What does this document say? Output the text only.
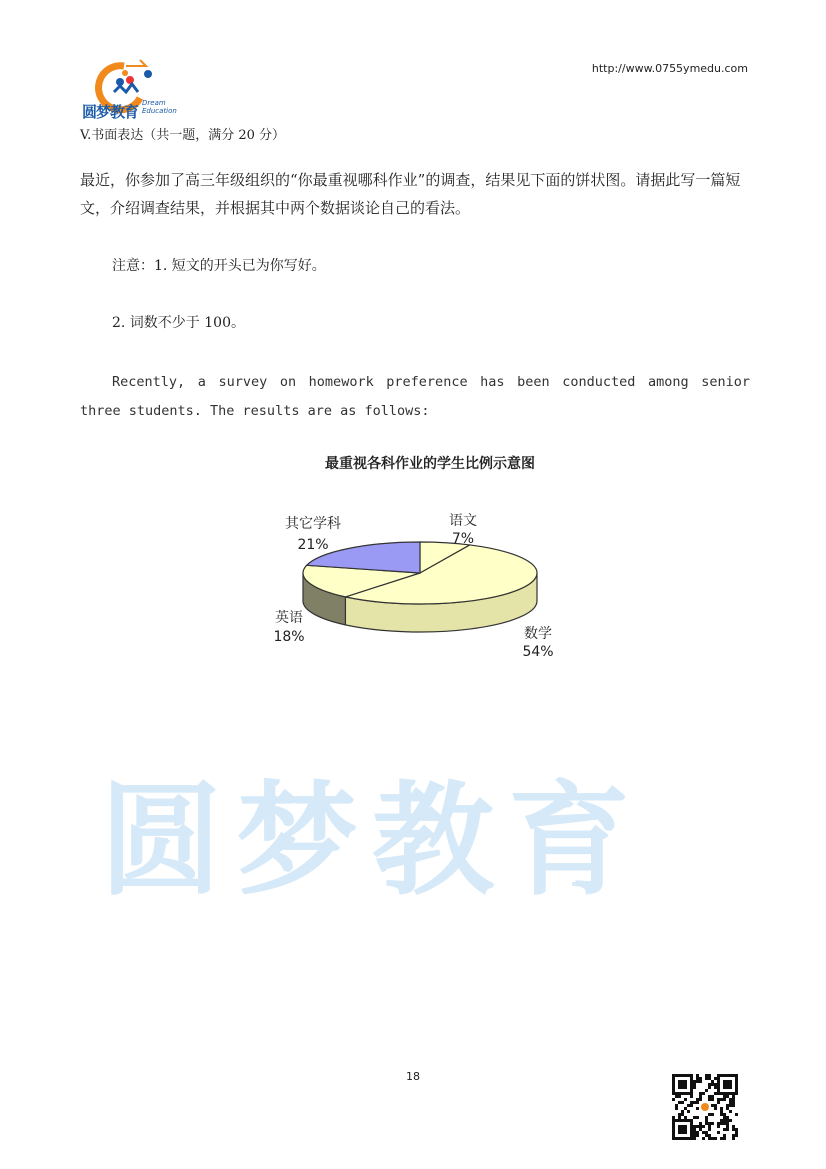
圆梦教育 Dream
Education
http://www.0755ymedu.com
V.书面表达（共一题，满分 20 分）
最近，你参加了高三年级组织的“你最重视哪科作业”的调查，结果见下面的饼状图。请据此写一篇短文，介绍调查结果，并根据其中两个数据谈论自己的看法。
注意：1. 短文的开头已为你写好。
2. 词数不少于 100。
Recently, a survey on homework preference has been conducted among senior three students. The results are as follows:
最重视各科作业的学生比例示意图
语文
7%
数学
54%
英语
18%
其它学科
21%
圆梦教育
18
